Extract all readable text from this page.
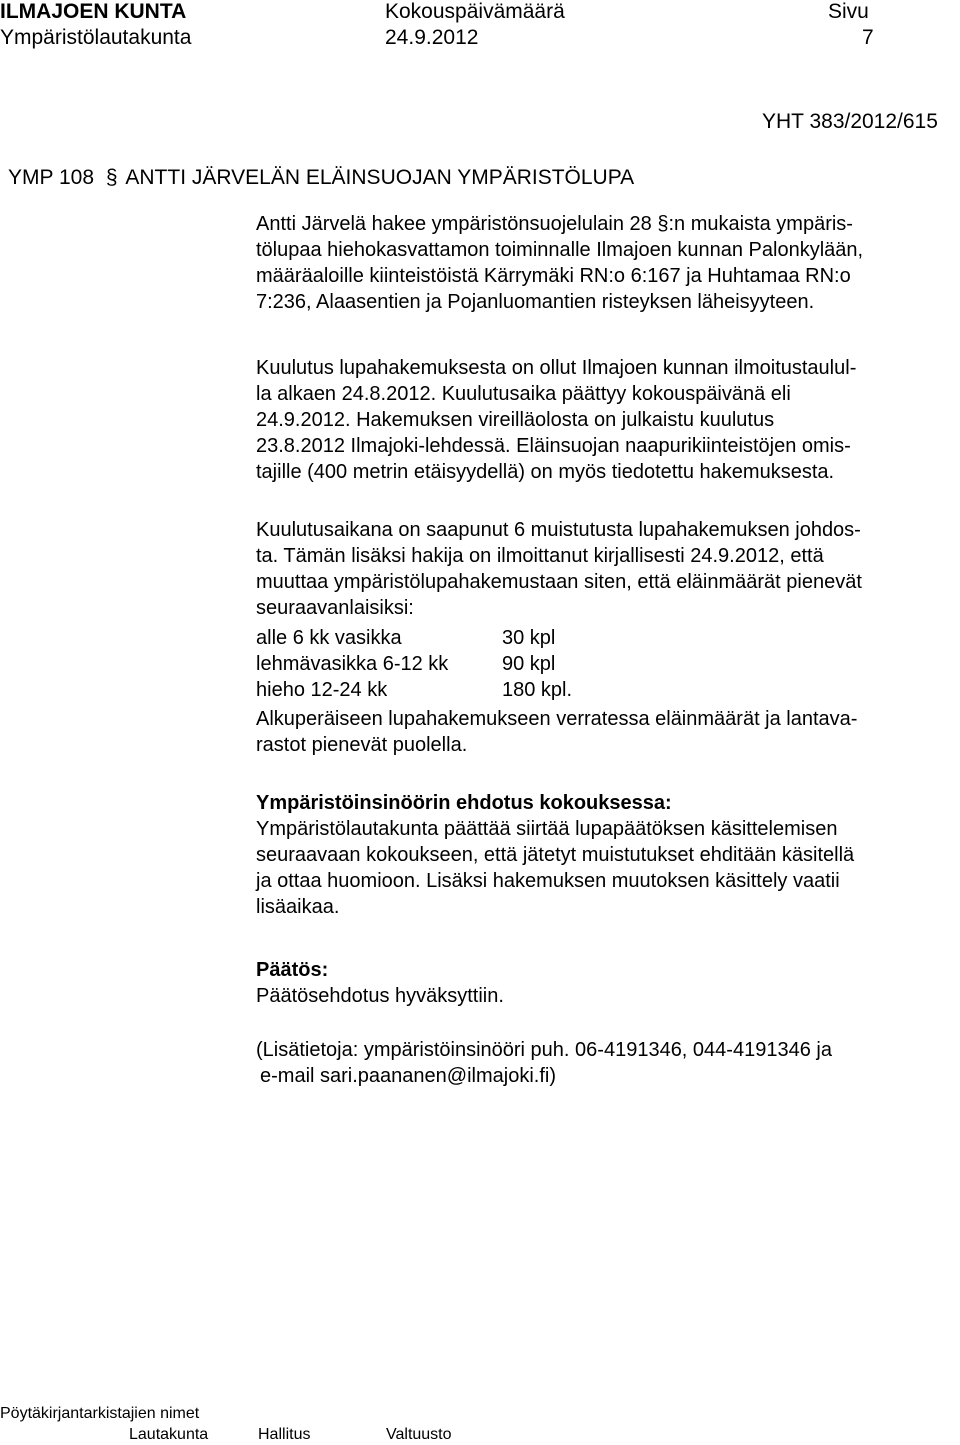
ILMAJOEN KUNTA	Kokouspäivämäärä	Sivu
Ympäristölautakunta	24.9.2012	7
YHT 383/2012/615
YMP 108 § ANTTI JÄRVELÄN ELÄINSUOJAN YMPÄRISTÖLUPA
Antti Järvelä hakee ympäristönsuojelulain 28 §:n mukaista ympäris-
tölupaa hiehokasvattamon toiminnalle Ilmajoen kunnan Palonkylään,
määräaloille kiinteistöistä Kärrymäki RN:o 6:167 ja Huhtamaa RN:o
7:236, Alaasentien ja Pojanluomantien risteyksen läheisyyteen.
Kuulutus lupahakemuksesta on ollut Ilmajoen kunnan ilmoitustaulul-
la alkaen 24.8.2012. Kuulutusaika päättyy kokouspäivänä eli
24.9.2012. Hakemuksen vireilläolosta on julkaistu kuulutus
23.8.2012 Ilmajoki-lehdessä. Eläinsuojan naapurikiinteistöjen omis-
tajille (400 metrin etäisyydellä) on myös tiedotettu hakemuksesta.
Kuulutusaikana on saapunut 6 muistutusta lupahakemuksen johdos-
ta. Tämän lisäksi hakija on ilmoittanut kirjallisesti 24.9.2012, että
muuttaa ympäristölupahakemustaan siten, että eläinmäärät pienevät
seuraavanlaisiksi:
alle 6 kk vasikka	30 kpl
lehmävasikka 6-12 kk	90 kpl
hieho 12-24 kk	180 kpl.
Alkuperäiseen lupahakemukseen verratessa eläinmäärät ja lantava-
rastot pienevät puolella.
Ympäristöinsinöörin ehdotus kokouksessa:
Ympäristölautakunta päättää siirtää lupapäätöksen käsittelemisen
seuraavaan kokoukseen, että jätetyt muistutukset ehditään käsitellä
ja ottaa huomioon. Lisäksi hakemuksen muutoksen käsittely vaatii
lisäaikaa.
Päätös:
Päätösehdotus hyväksyttiin.
(Lisätietoja: ympäristöinsinööri puh. 06-4191346, 044-4191346 ja
e-mail sari.paananen@ilmajoki.fi)
Pöytäkirjantarkistajien nimet
Lautakunta	Hallitus	Valtuusto
